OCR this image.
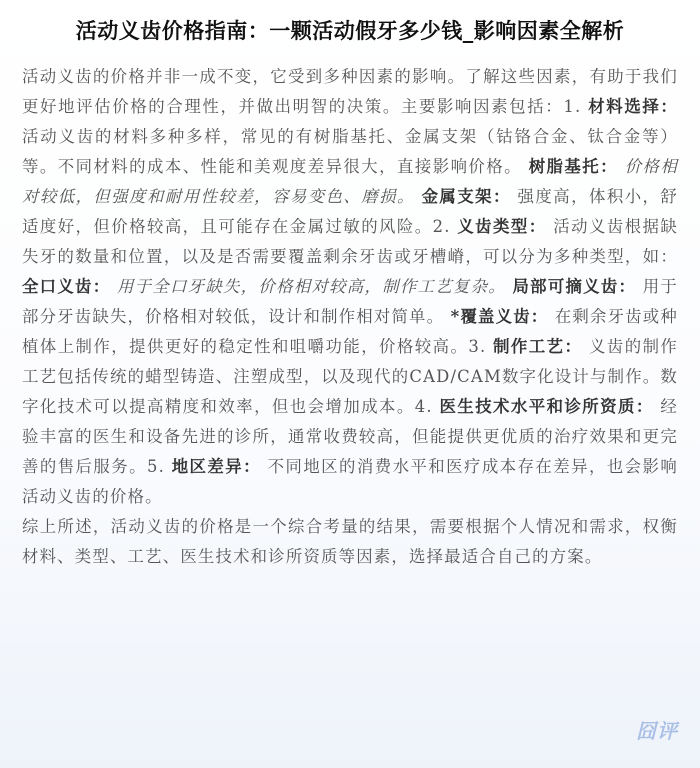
活动义齿价格指南：一颗活动假牙多少钱_影响因素全解析

活动义齿的价格并非一成不变，它受到多种因素的影响。了解这些因素，有助于我们更好地评估价格的合理性，并做出明智的决策。主要影响因素包括：1. 材料选择： 活动义齿的材料多种多样，常见的有树脂基托、金属支架（钴铬合金、钛合金等）等。不同材料的成本、性能和美观度差异很大，直接影响价格。 树脂基托： 价格相对较低，但强度和耐用性较差，容易变色、磨损。 金属支架： 强度高，体积小，舒适度好，但价格较高，且可能存在金属过敏的风险。2. 义齿类型： 活动义齿根据缺失牙的数量和位置，以及是否需要覆盖剩余牙齿或牙槽嵴，可以分为多种类型，如： 全口义齿： 用于全口牙缺失，价格相对较高，制作工艺复杂。 局部可摘义齿： 用于部分牙齿缺失，价格相对较低，设计和制作相对简单。 *覆盖义齿： 在剩余牙齿或种植体上制作，提供更好的稳定性和咀嚼功能，价格较高。3. 制作工艺： 义齿的制作工艺包括传统的蜡型铸造、注塑成型，以及现代的CAD/CAM数字化设计与制作。数字化技术可以提高精度和效率，但也会增加成本。4. 医生技术水平和诊所资质： 经验丰富的医生和设备先进的诊所，通常收费较高，但能提供更优质的治疗效果和更完善的售后服务。5. 地区差异： 不同地区的消费水平和医疗成本存在差异，也会影响活动义齿的价格。

综上所述，活动义齿的价格是一个综合考量的结果，需要根据个人情况和需求，权衡材料、类型、工艺、医生技术和诊所资质等因素，选择最适合自己的方案。

囧评
